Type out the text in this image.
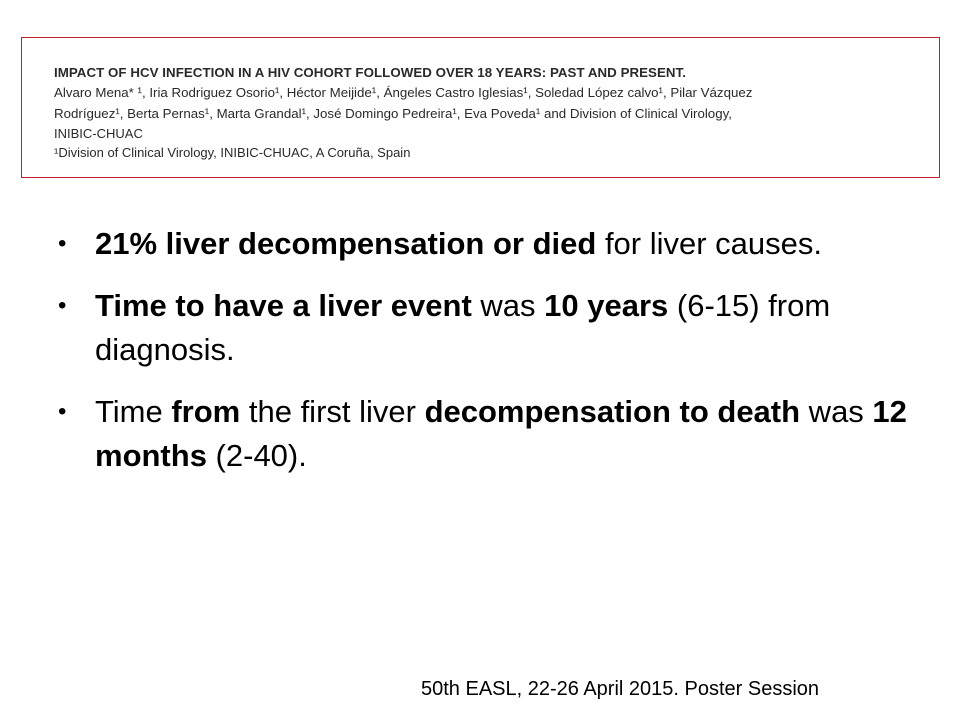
IMPACT OF HCV INFECTION IN A HIV COHORT FOLLOWED OVER 18 YEARS: PAST AND PRESENT.

Alvaro Mena* ¹, Iria Rodriguez Osorio¹, Héctor Meijide¹, Ángeles Castro Iglesias¹, Soledad López calvo¹, Pilar Vázquez

Rodríguez¹, Berta Pernas¹, Marta Grandal¹, José Domingo Pedreira¹, Eva Poveda¹ and Division of Clinical Virology,

INIBIC-CHUAC

¹Division of Clinical Virology, INIBIC-CHUAC, A Coruña, Spain

• 21% liver decompensation or died for liver causes.
• Time to have a liver event was 10 years (6-15) from diagnosis.
• Time from the first liver decompensation to death was 12 months (2-40).
50th EASL, 22-26 April 2015. Poster Session
